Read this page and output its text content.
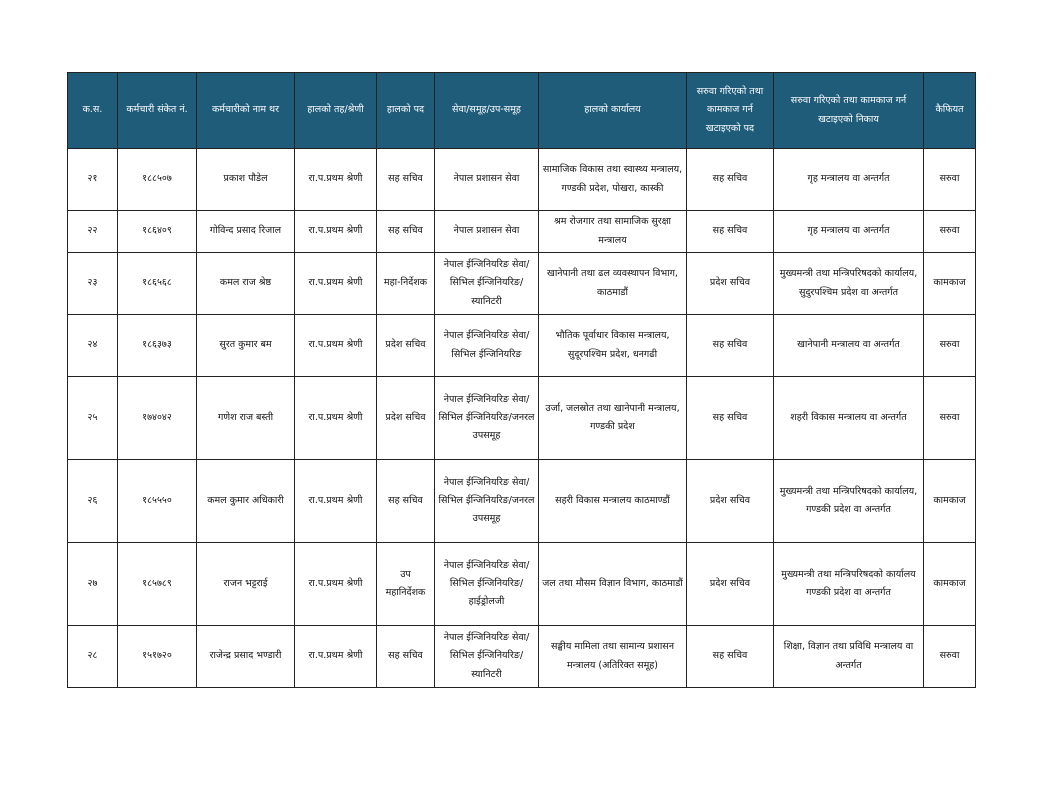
क.स.	कर्मचारी संकेत नं.	कर्मचारीको नाम थर	हालको तह/श्रेणी	हालको पद	सेवा/समूह/उप-समूह	हालको कार्यालय	सरुवा गरिएको तथा कामकाज गर्न खटाइएको पद	सरुवा गरिएको तथा कामकाज गर्न खटाइएको निकाय	कैफियत
२१	१८८५०७	प्रकाश पौडेल	रा.प.प्रथम श्रेणी	सह सचिव	नेपाल प्रशासन सेवा	सामाजिक विकास तथा स्वास्थ्य मन्त्रालय, गण्डकी प्रदेश, पोखरा, कास्की	सह सचिव	गृह मन्त्रालय वा अन्तर्गत	सरुवा
२२	१८६४०९	गोविन्द प्रसाद रिजाल	रा.प.प्रथम श्रेणी	सह सचिव	नेपाल प्रशासन सेवा	श्रम रोजगार तथा सामाजिक सुरक्षा मन्त्रालय	सह सचिव	गृह मन्त्रालय वा अन्तर्गत	सरुवा
२३	१८६५६८	कमल राज श्रेष्ठ	रा.प.प्रथम श्रेणी	महा-निर्देशक	नेपाल ईन्जिनियरिङ सेवा/सिभिल ईन्जिनियरिङ/स्यानिटरी	खानेपानी तथा ढल व्यवस्थापन विभाग, काठमाडौं	प्रदेश सचिव	मुख्यमन्त्री तथा मन्त्रिपरिषदको कार्यालय, सुदुरपश्चिम प्रदेश वा अन्तर्गत	कामकाज
२४	१८६३७३	सुरत कुमार बम	रा.प.प्रथम श्रेणी	प्रदेश सचिव	नेपाल ईन्जिनियरिङ सेवा/सिभिल ईन्जिनियरिङ	भौतिक पूर्वाधार विकास मन्त्रालय, सुदूरपश्चिम प्रदेश, धनगढी	सह सचिव	खानेपानी मन्त्रालय वा अन्तर्गत	सरुवा
२५	१७४०४२	गणेश राज बस्ती	रा.प.प्रथम श्रेणी	प्रदेश सचिव	नेपाल ईन्जिनियरिङ सेवा/सिभिल ईन्जिनियरिङ/जनरल उपसमूह	उर्जा, जलस्रोत तथा खानेपानी मन्त्रालय, गण्डकी प्रदेश	सह सचिव	शहरी विकास मन्त्रालय वा अन्तर्गत	सरुवा
२६	१८५५५०	कमल कुमार अधिकारी	रा.प.प्रथम श्रेणी	सह सचिव	नेपाल ईन्जिनियरिङ सेवा/सिभिल ईन्जिनियरिङ/जनरल उपसमूह	सहरी विकास मन्त्रालय काठमाण्डौं	प्रदेश सचिव	मुख्यमन्त्री तथा मन्त्रिपरिषदको कार्यालय, गण्डकी प्रदेश वा अन्तर्गत	कामकाज
२७	१८५७८९	राजन भट्टराई	रा.प.प्रथम श्रेणी	उप महानिर्देशक	नेपाल ईन्जिनियरिङ सेवा/सिभिल ईन्जिनियरिङ/हाईड्रोलजी	जल तथा मौसम विज्ञान विभाग, काठमाडौं	प्रदेश सचिव	मुख्यमन्त्री तथा मन्त्रिपरिषदको कार्यालय गण्डकी प्रदेश वा अन्तर्गत	कामकाज
२८	१५१७२०	राजेन्द्र प्रसाद भण्डारी	रा.प.प्रथम श्रेणी	सह सचिव	नेपाल ईन्जिनियरिङ सेवा/सिभिल ईन्जिनियरिङ/स्यानिटरी	सङ्घीय मामिला तथा सामान्य प्रशासन मन्त्रालय (अतिरिक्त समूह)	सह सचिव	शिक्षा, विज्ञान तथा प्रविधि मन्त्रालय वा अन्तर्गत	सरुवा
